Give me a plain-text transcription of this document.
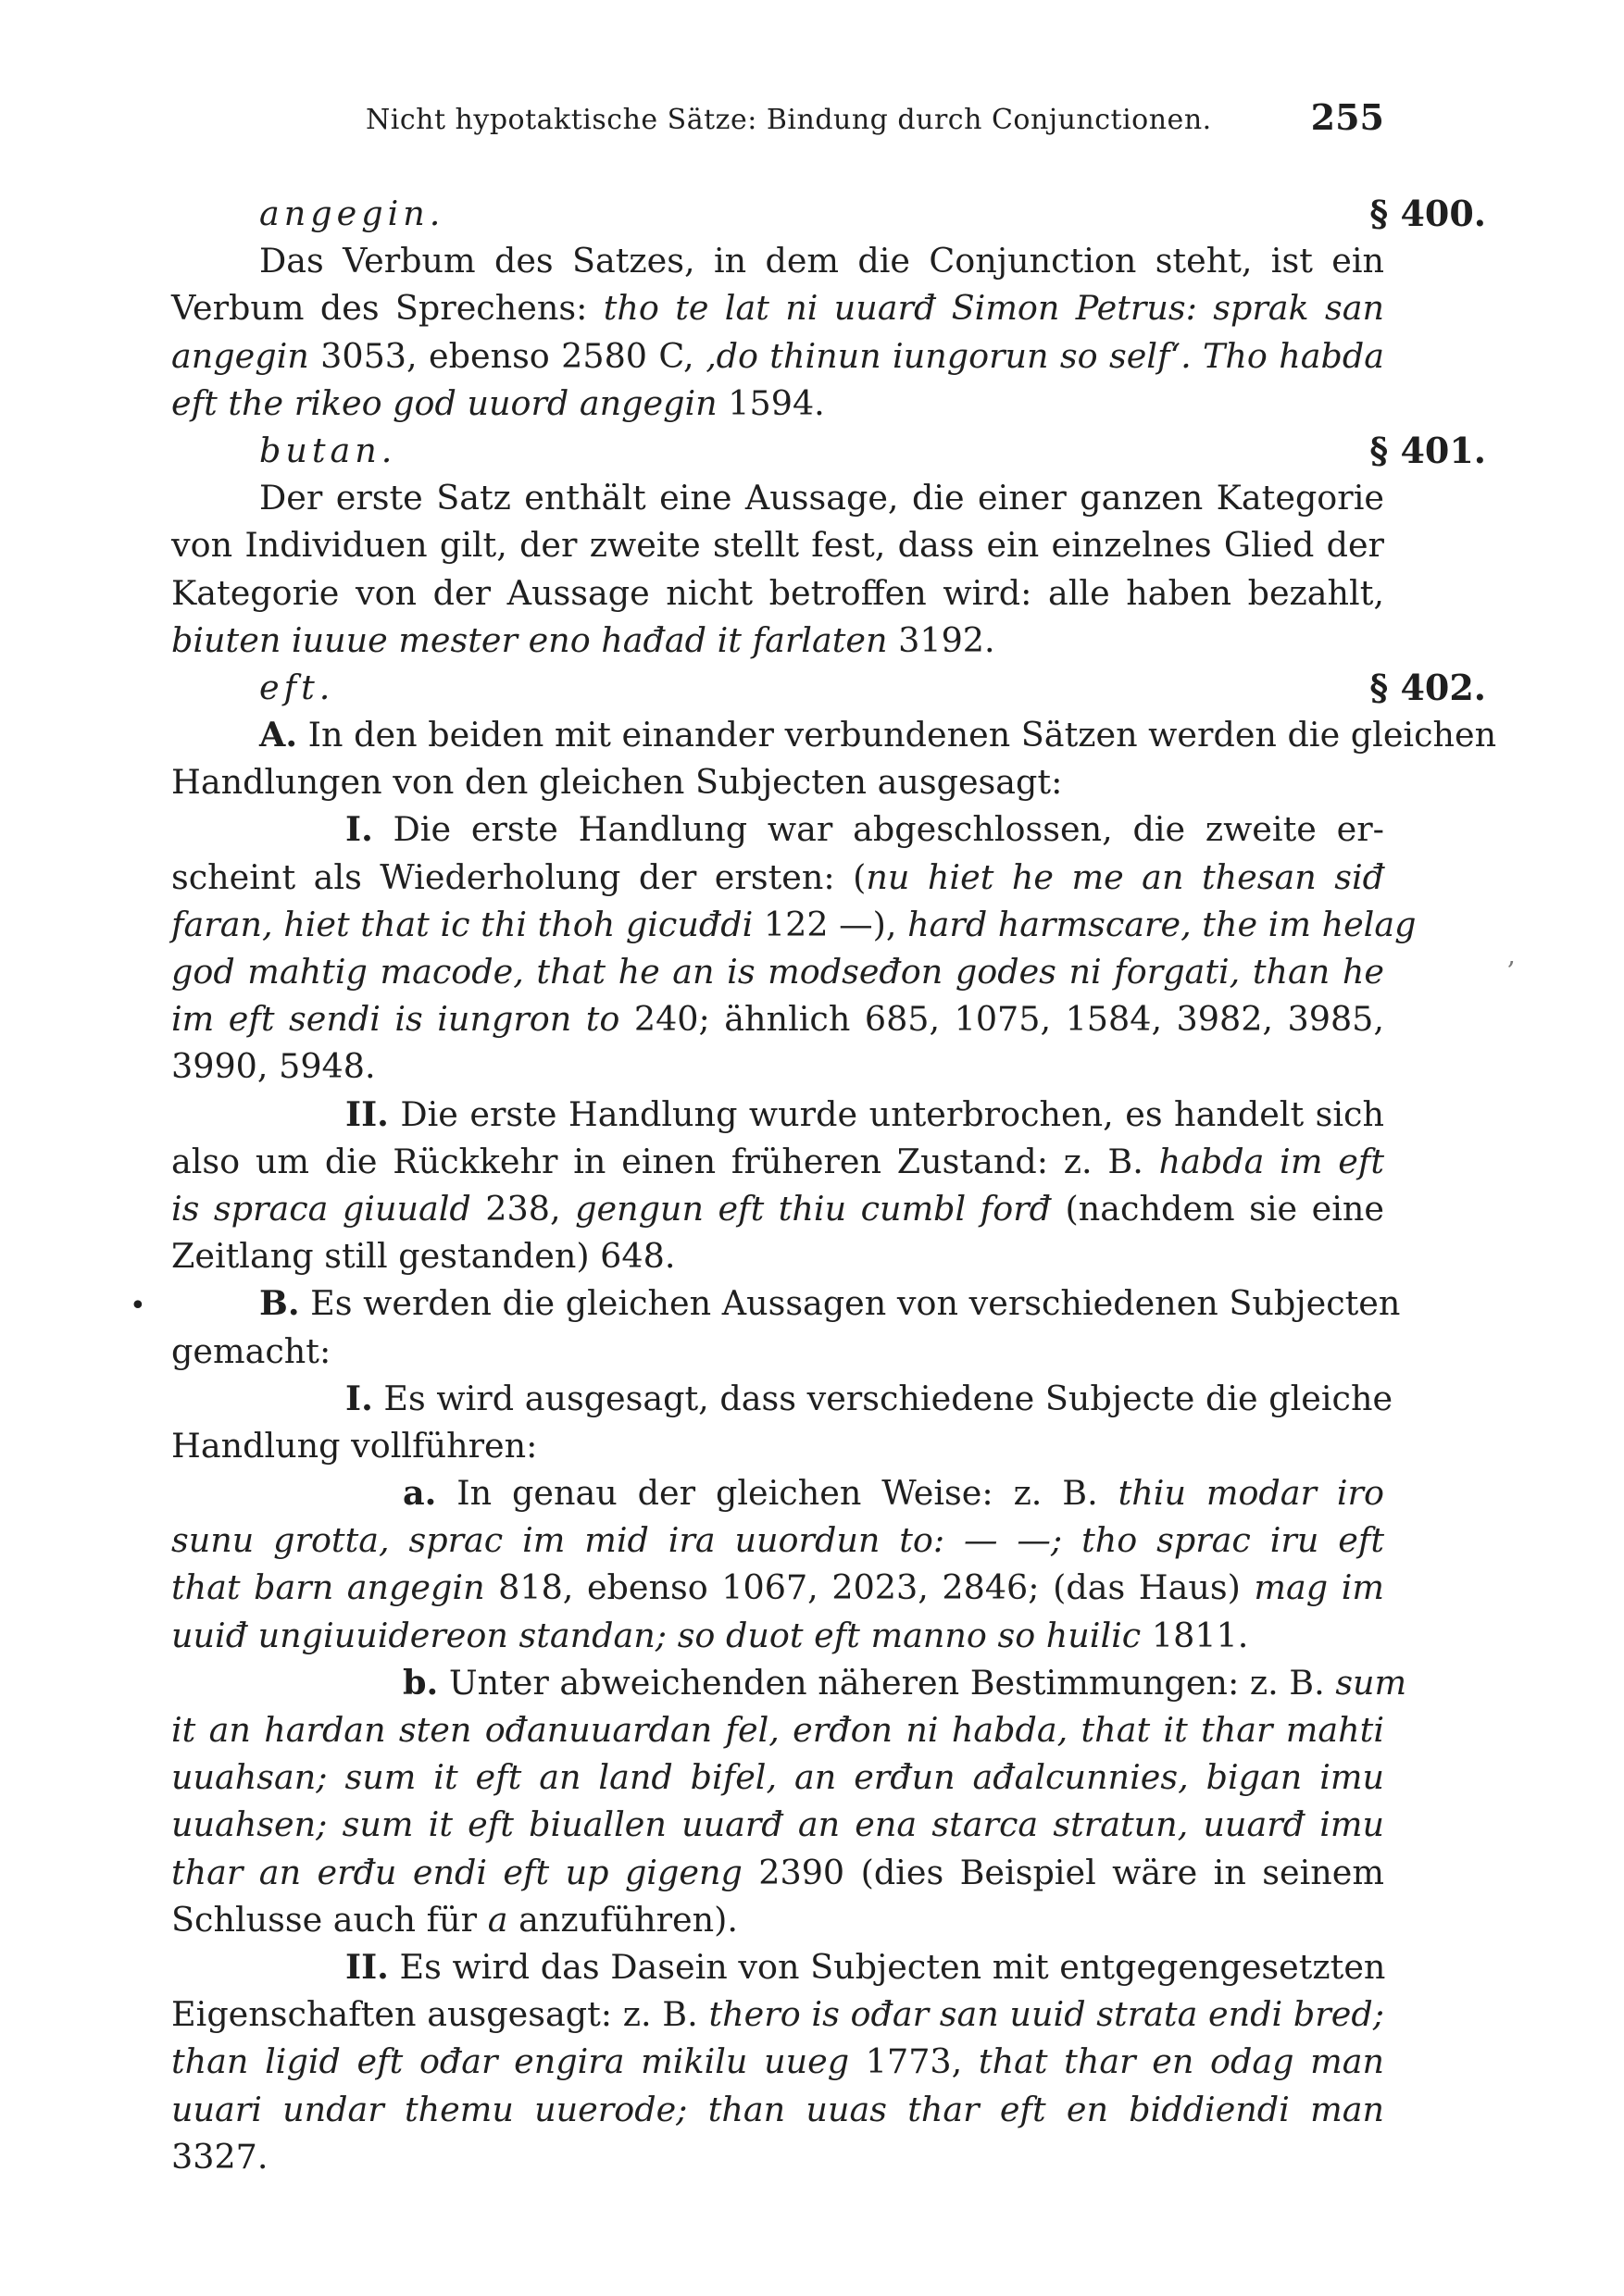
Nicht hypotaktische Sätze: Bindung durch Conjunctionen.	255
•
,
angegin.	§ 400.
Das Verbum des Satzes, in dem die Conjunction steht, ist ein
Verbum des Sprechens: tho te lat ni uuarđ Simon Petrus: sprak san
angegin 3053, ebenso 2580 C, ‚do thinun iungorun so self‘. Tho habda
eft the rikeo god uuord angegin 1594.
butan.	§ 401.
Der erste Satz enthält eine Aussage, die einer ganzen Kategorie
von Individuen gilt, der zweite stellt fest, dass ein einzelnes Glied der
Kategorie von der Aussage nicht betroffen wird: alle haben bezahlt,
biuten iuuue mester eno hađad it farlaten 3192.
eft.	§ 402.
A. In den beiden mit einander verbundenen Sätzen werden die gleichen
Handlungen von den gleichen Subjecten ausgesagt:
I. Die erste Handlung war abgeschlossen, die zweite er-
scheint als Wiederholung der ersten: (nu hiet he me an thesan siđ
faran, hiet that ic thi thoh gicuđdi 122 —), hard harmscare, the im helag
god mahtig macode, that he an is modseđon godes ni forgati, than he
im eft sendi is iungron to 240; ähnlich 685, 1075, 1584, 3982, 3985,
3990, 5948.
II. Die erste Handlung wurde unterbrochen, es handelt sich
also um die Rückkehr in einen früheren Zustand: z. B. habda im eft
is spraca giuuald 238, gengun eft thiu cumbl forđ (nachdem sie eine
Zeitlang still gestanden) 648.
B. Es werden die gleichen Aussagen von verschiedenen Subjecten
gemacht:
I. Es wird ausgesagt, dass verschiedene Subjecte die gleiche
Handlung vollführen:
a. In genau der gleichen Weise: z. B. thiu modar iro
sunu grotta, sprac im mid ira uuordun to: — —; tho sprac iru eft
that barn angegin 818, ebenso 1067, 2023, 2846; (das Haus) mag im
uuiđ ungiuuidereon standan; so duot eft manno so huilic 1811.
b. Unter abweichenden näheren Bestimmungen: z. B. sum
it an hardan sten ođanuuardan fel, erđon ni habda, that it thar mahti
uuahsan; sum it eft an land bifel, an erđun ađalcunnies, bigan imu
uuahsen; sum it eft biuallen uuarđ an ena starca stratun, uuarđ imu
thar an erđu endi eft up gigeng 2390 (dies Beispiel wäre in seinem
Schlusse auch für a anzuführen).
II. Es wird das Dasein von Subjecten mit entgegengesetzten
Eigenschaften ausgesagt: z. B. thero is ođar san uuid strata endi bred;
than ligid eft ođar engira mikilu uueg 1773, that thar en odag man
uuari undar themu uuerode; than uuas thar eft en biddiendi man
3327.
